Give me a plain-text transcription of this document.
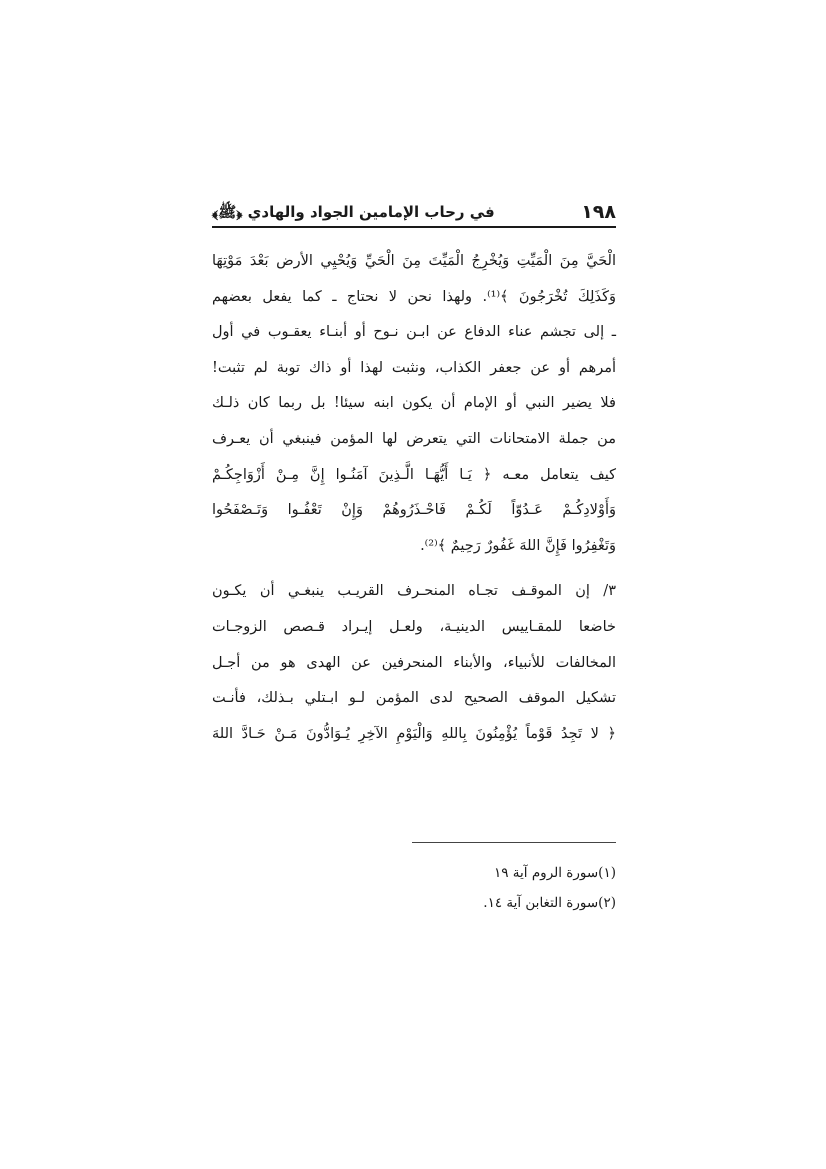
١٩٨
في رحاب الإمامين الجواد والهادي ﴿ﷺ﴾

الْحَيَّ مِنَ الْمَيِّتِ وَيُخْرِجُ الْمَيِّتَ مِنَ الْحَيِّ وَيُحْيِي الأرض بَعْدَ مَوْتِهَا
وَكَذَلِكَ تُخْرَجُونَ ﴾⁽¹⁾. ولهذا نحن لا نحتاج ـ كما يفعل بعضهم
ـ إلى تجشم عناء الدفاع عن ابـن نـوح أو أبنـاء يعقـوب في أول
أمرهم أو عن جعفر الكذاب، ونثبت لهذا أو ذاك توبة لم تثبت!
فلا يضير النبي أو الإمام أن يكون ابنه سيئا! بل ربما كان ذلـك
من جملة الامتحانات التي يتعرض لها المؤمن فينبغي أن يعـرف
كيف يتعامل معـه ﴿ يَـا أَيُّهَـا الَّـذِينَ آمَنُـوا إِنَّ مِـنْ أَزْوَاجِكُـمْ
وَأَوْلادِكُـمْ عَـدُوّاً لَكُـمْ فَاحْـذَرُوهُمْ وَإِنْ تَعْفُـوا وَتَـصْفَحُوا
وَتَغْفِرُوا فَإِنَّ اللهَ غَفُورٌ رَحِيمٌ ﴾⁽²⁾.

٣/ إن الموقـف تجـاه المنحـرف القريـب ينبغـي أن يكـون
خاضعا للمقـاييس الدينيـة، ولعـل إيـراد قـصص الزوجـات
المخالفات للأنبياء، والأبناء المنحرفين عن الهدى هو من أجـل
تشكيل الموقف الصحيح لدى المؤمن لـو ابـتلي بـذلك، فأنـت
﴿ لا تَجِدُ قَوْماً يُؤْمِنُونَ بِاللهِ وَالْيَوْمِ الآخِرِ يُـوَادُّونَ مَـنْ حَـادَّ اللهَ

(١)سورة الروم آية ١٩
(٢)سورة التغابن آية ١٤.
